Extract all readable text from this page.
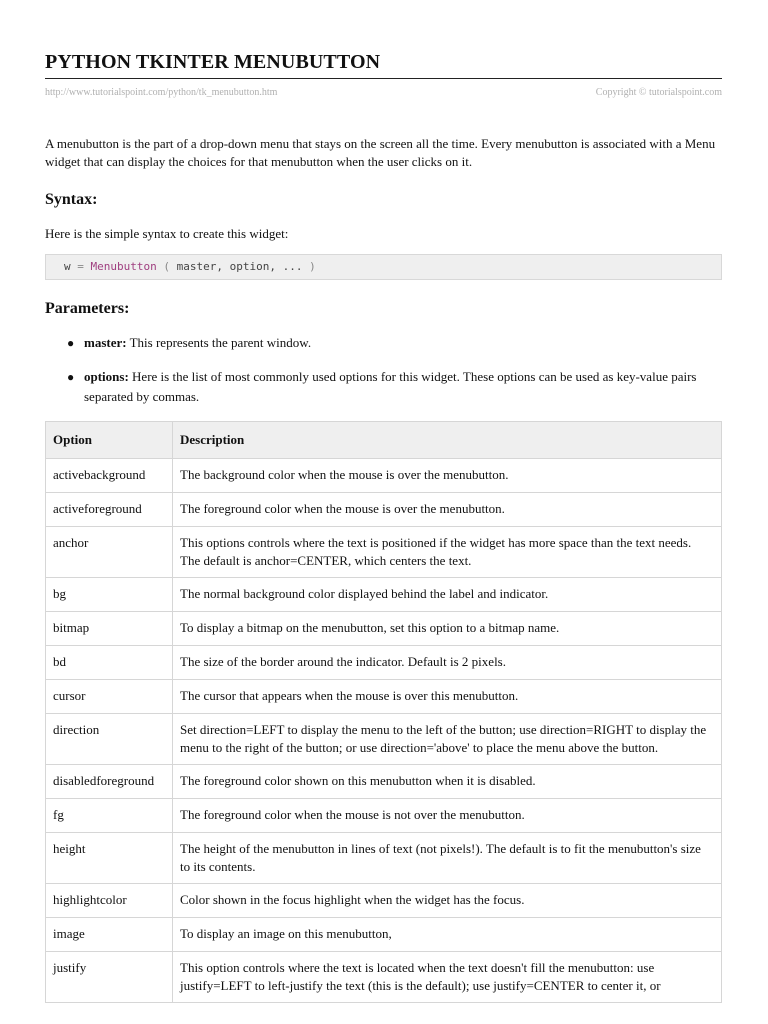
PYTHON TKINTER MENUBUTTON
http://www.tutorialspoint.com/python/tk_menubutton.htm	Copyright © tutorialspoint.com

A menubutton is the part of a drop-down menu that stays on the screen all the time. Every menubutton is associated with a Menu widget that can display the choices for that menubutton when the user clicks on it.

Syntax:

Here is the simple syntax to create this widget:

w = Menubutton ( master, option, ... )
Parameters:
● master: This represents the parent window.
● options: Here is the list of most commonly used options for this widget. These options can be used as key-value pairs separated by commas.
Option	Description
activebackground	The background color when the mouse is over the menubutton.
activeforeground	The foreground color when the mouse is over the menubutton.
anchor	This options controls where the text is positioned if the widget has more space than the text needs. The default is anchor=CENTER, which centers the text.
bg	The normal background color displayed behind the label and indicator.
bitmap	To display a bitmap on the menubutton, set this option to a bitmap name.
bd	The size of the border around the indicator. Default is 2 pixels.
cursor	The cursor that appears when the mouse is over this menubutton.
direction	Set direction=LEFT to display the menu to the left of the button; use direction=RIGHT to display the menu to the right of the button; or use direction='above' to place the menu above the button.
disabledforeground	The foreground color shown on this menubutton when it is disabled.
fg	The foreground color when the mouse is not over the menubutton.
height	The height of the menubutton in lines of text (not pixels!). The default is to fit the menubutton's size to its contents.
highlightcolor	Color shown in the focus highlight when the widget has the focus.
image	To display an image on this menubutton,
justify	This option controls where the text is located when the text doesn't fill the menubutton: use justify=LEFT to left-justify the text (this is the default); use justify=CENTER to center it, or
